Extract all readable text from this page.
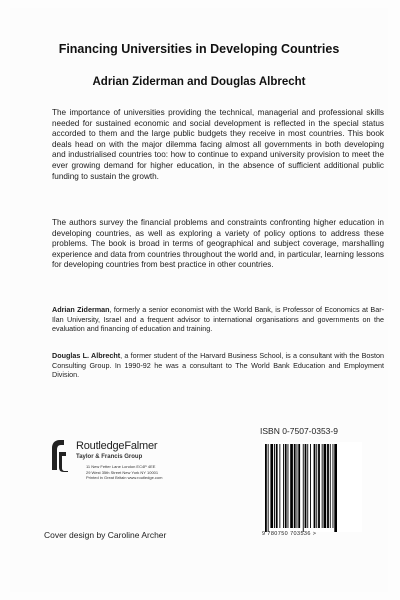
Financing Universities in Developing Countries
Adrian Ziderman and Douglas Albrecht

The importance of universities providing the technical, managerial and professional skills needed for sustained economic and social development is reflected in the special status accorded to them and the large public budgets they receive in most countries. This book deals head on with the major dilemma facing almost all governments in both developing and industrialised countries too: how to continue to expand university provision to meet the ever growing demand for higher education, in the absence of sufficient additional public funding to sustain the growth.

The authors survey the financial problems and constraints confronting higher education in developing countries, as well as exploring a variety of policy options to address these problems. The book is broad in terms of geographical and subject coverage, marshalling experience and data from countries throughout the world and, in particular, learning lessons for developing countries from best practice in other countries.

Adrian Ziderman, formerly a senior economist with the World Bank, is Professor of Economics at Bar-Ilan University, Israel and a frequent advisor to international organisations and governments on the evaluation and financing of education and training.

Douglas L. Albrecht, a former student of the Harvard Business School, is a consultant with the Boston Consulting Group. In 1990-92 he was a consultant to The World Bank Education and Employment Division.

RoutledgeFalmer
Taylor & Francis Group
11 New Fetter Lane London EC4P 4EE
29 West 35th Street New York NY 10001
Printed in Great Britain www.routledge.com
ISBN 0-7507-0353-9
9 780750 703536 >
Cover design by Caroline Archer
